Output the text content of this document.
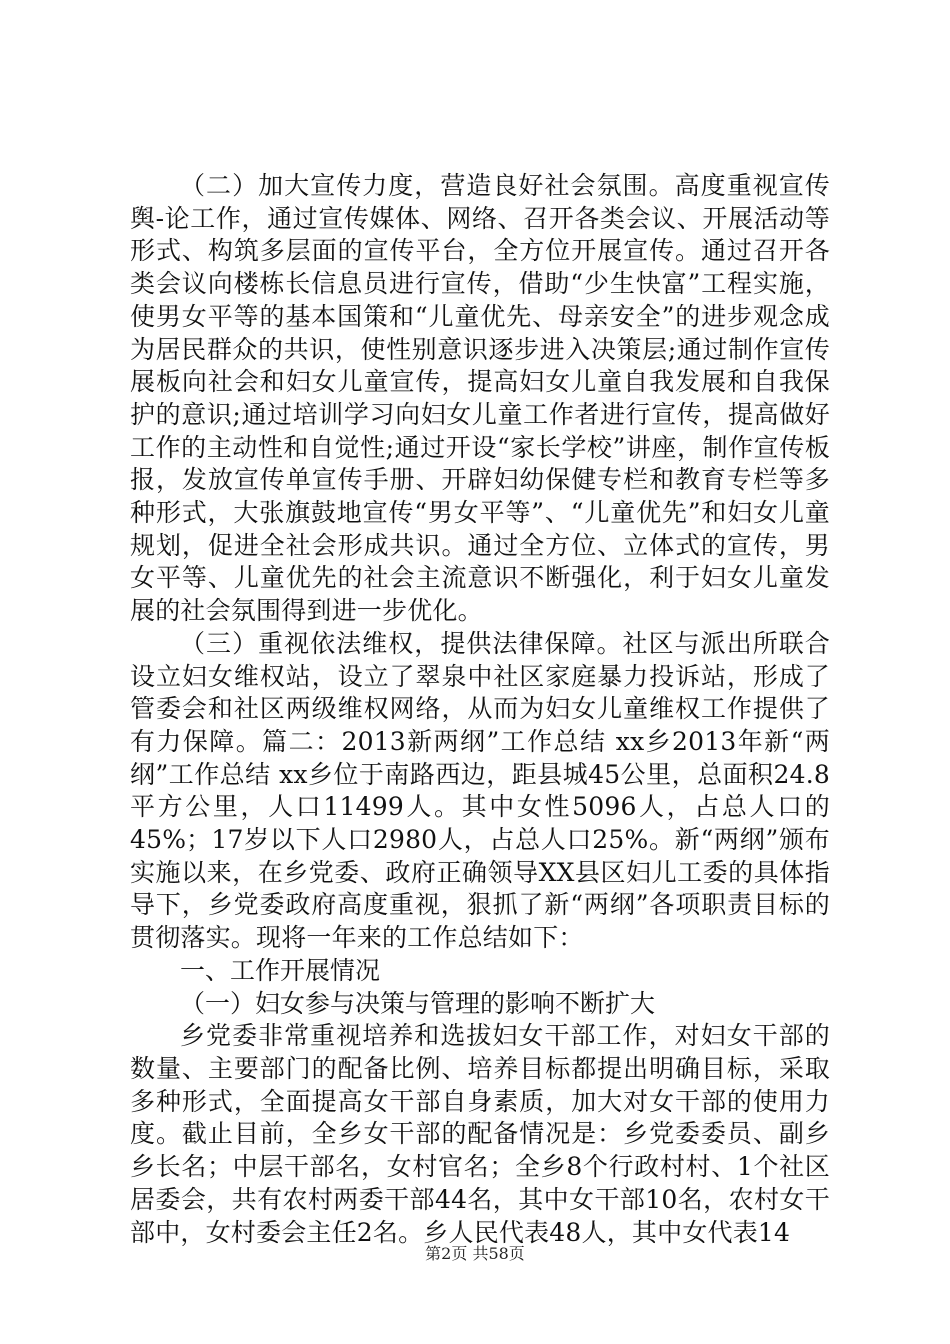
（二）加大宣传力度，营造良好社会氛围。高度重视宣传舆-论工作，通过宣传媒体、网络、召开各类会议、开展活动等形式、构筑多层面的宣传平台，全方位开展宣传。通过召开各类会议向楼栋长信息员进行宣传，借助“少生快富”工程实施，使男女平等的基本国策和“儿童优先、母亲安全”的进步观念成为居民群众的共识，使性别意识逐步进入决策层;通过制作宣传展板向社会和妇女儿童宣传，提高妇女儿童自我发展和自我保护的意识;通过培训学习向妇女儿童工作者进行宣传，提高做好工作的主动性和自觉性;通过开设“家长学校”讲座，制作宣传板报，发放宣传单宣传手册、开辟妇幼保健专栏和教育专栏等多种形式，大张旗鼓地宣传“男女平等”、“儿童优先”和妇女儿童规划，促进全社会形成共识。通过全方位、立体式的宣传，男女平等、儿童优先的社会主流意识不断强化，利于妇女儿童发展的社会氛围得到进一步优化。

（三）重视依法维权，提供法律保障。社区与派出所联合设立妇女维权站，设立了翠泉中社区家庭暴力投诉站，形成了管委会和社区两级维权网络，从而为妇女儿童维权工作提供了有力保障。篇二：2013新两纲”工作总结 xx乡2013年新“两纲”工作总结 xx乡位于南路西边，距县城45公里，总面积24.8平方公里，人口11499人。其中女性5096人，占总人口的45%；17岁以下人口2980人，占总人口25%。新“两纲”颁布实施以来，在乡党委、政府正确领导XX县区妇儿工委的具体指导下，乡党委政府高度重视，狠抓了新“两纲”各项职责目标的贯彻落实。现将一年来的工作总结如下：

一、工作开展情况

（一）妇女参与决策与管理的影响不断扩大

乡党委非常重视培养和选拔妇女干部工作，对妇女干部的数量、主要部门的配备比例、培养目标都提出明确目标，采取多种形式，全面提高女干部自身素质，加大对女干部的使用力度。截止目前，全乡女干部的配备情况是：乡党委委员、副乡乡长名；中层干部名，女村官名；全乡8个行政村村、1个社区居委会，共有农村两委干部44名，其中女干部10名，农村女干部中，女村委会主任2名。乡人民代表48人，其中女代表14

第2页 共58页
